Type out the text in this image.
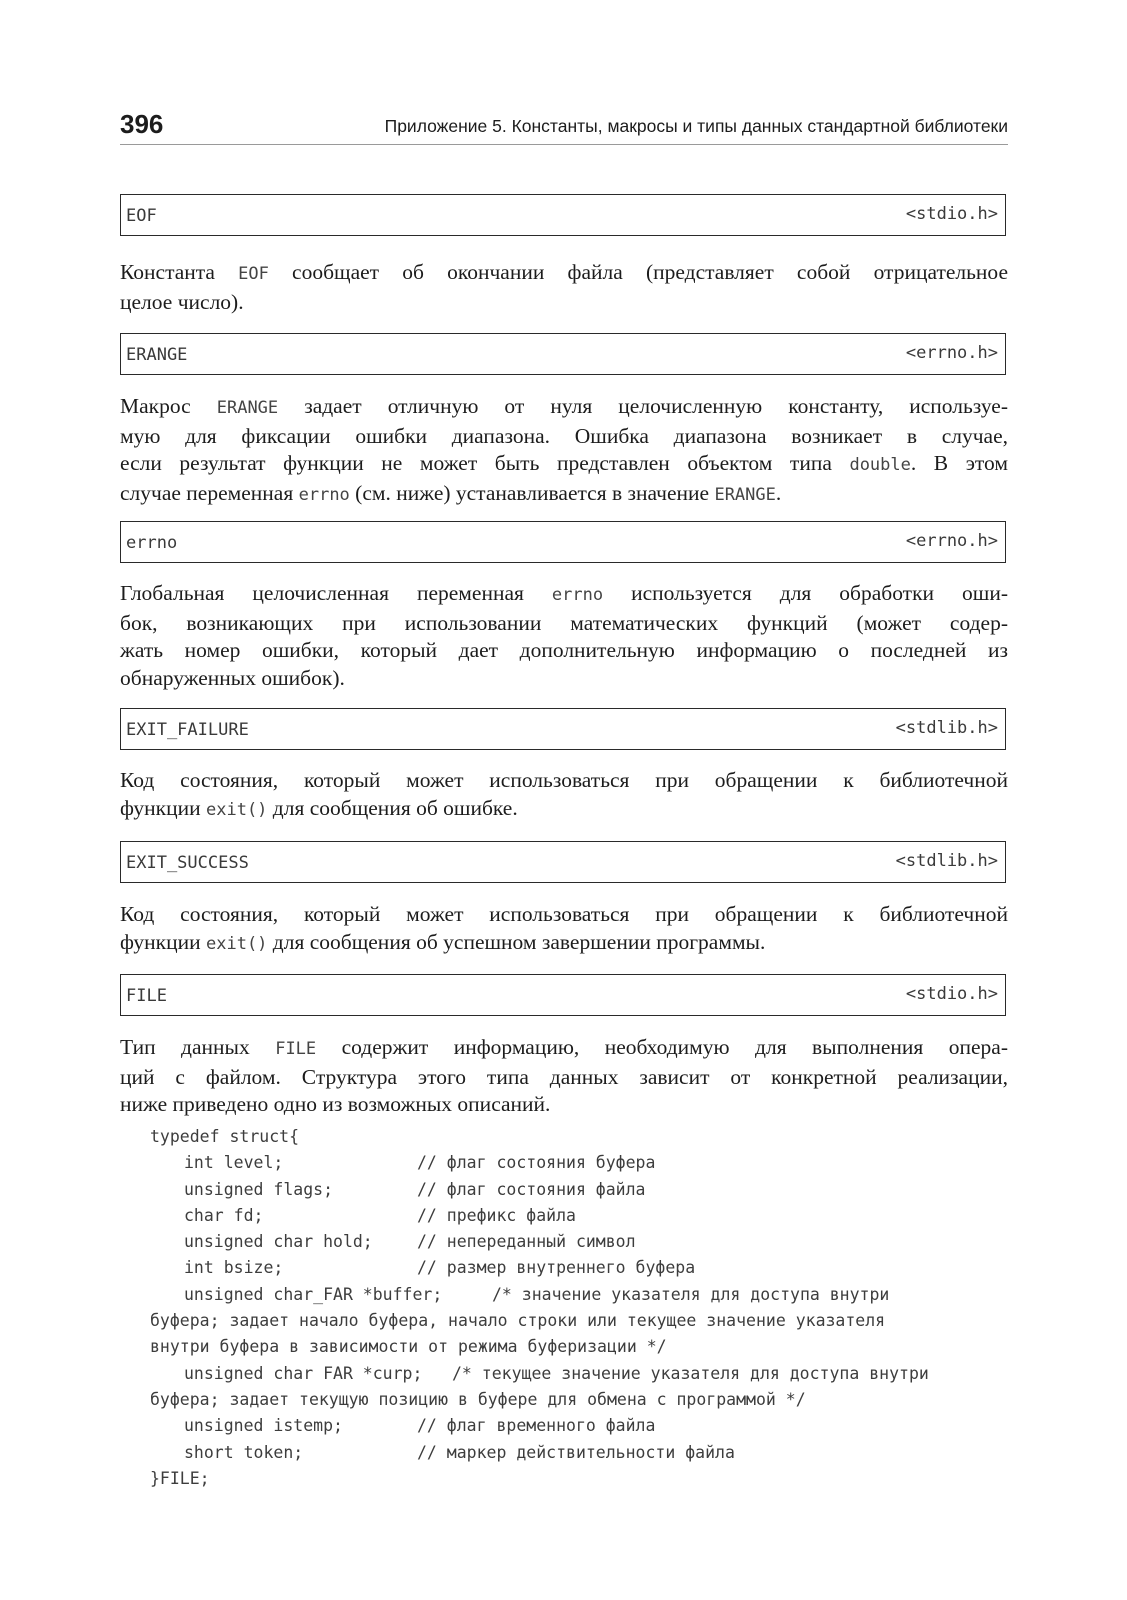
396	Приложение 5. Константы, макросы и типы данных стандартной библиотеки
EOF	<stdio.h>
Константа EOF сообщает об окончании файла (представляет собой отрицательное
целое число).
ERANGE	<errno.h>
Макрос ERANGE задает отличную от нуля целочисленную константу, используе-
мую для фиксации ошибки диапазона. Ошибка диапазона возникает в случае,
если результат функции не может быть представлен объектом типа double. В этом
случае переменная errno (см. ниже) устанавливается в значение ERANGE.
errno	<errno.h>
Глобальная целочисленная переменная errno используется для обработки оши-
бок, возникающих при использовании математических функций (может содер-
жать номер ошибки, который дает дополнительную информацию о последней из
обнаруженных ошибок).
EXIT_FAILURE	<stdlib.h>
Код состояния, который может использоваться при обращении к библиотечной
функции exit() для сообщения об ошибке.
EXIT_SUCCESS	<stdlib.h>
Код состояния, который может использоваться при обращении к библиотечной
функции exit() для сообщения об успешном завершении программы.
FILE	<stdio.h>
Тип данных FILE содержит информацию, необходимую для выполнения опера-
ций с файлом. Структура этого типа данных зависит от конкретной реализации,
ниже приведено одно из возможных описаний.
typedef struct{
int level;	// флаг состояния буфера
unsigned flags;	// флаг состояния файла
char fd;	// префикс файла
unsigned char hold;	// непереданный символ
int bsize;	// размер внутреннего буфера
unsigned char_FAR *buffer;	/* значение указателя для доступа внутри
буфера; задает начало буфера, начало строки или текущее значение указателя
внутри буфера в зависимости от режима буферизации */
unsigned char FAR *curp; /* текущее значение указателя для доступа внутри
буфера; задает текущую позицию в буфере для обмена с программой */
unsigned istemp;	// флаг временного файла
short token;	// маркер действительности файла
}FILE;
